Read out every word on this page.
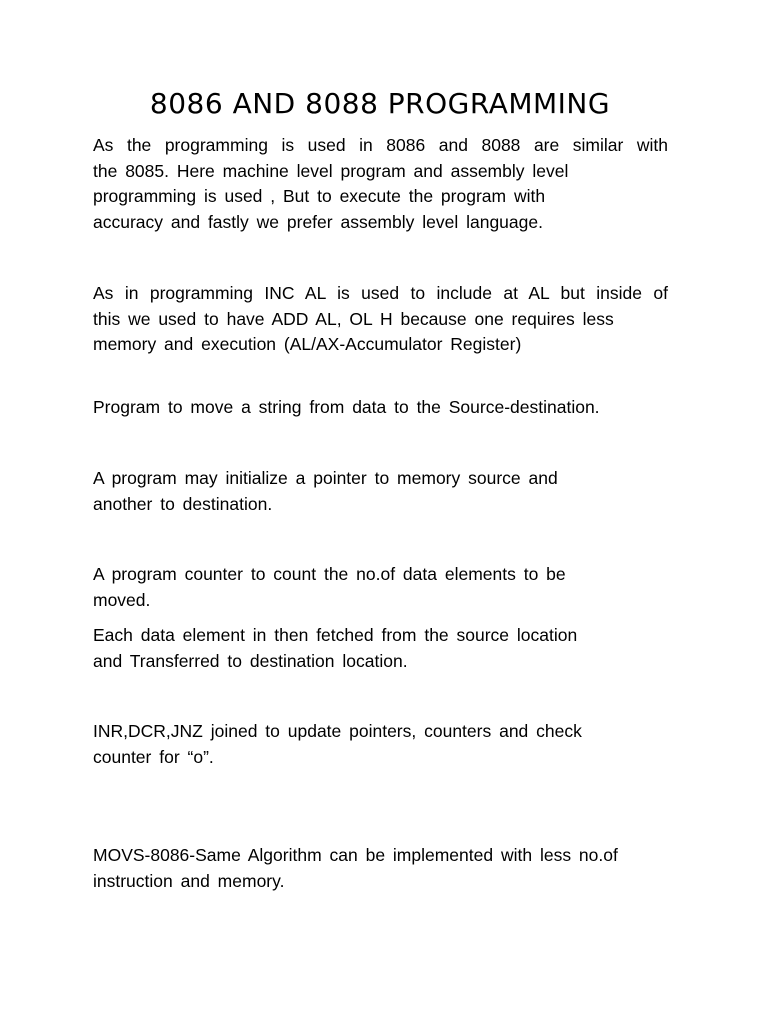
8086 AND 8088 PROGRAMMING

As the programming is used in 8086 and 8088 are similar with
the 8085. Here machine level program and assembly level
programming is used , But to execute the program with
accuracy and fastly we prefer assembly level language.

As in programming INC AL is used to include at AL but inside of
this we used to have ADD AL, OL H because one requires less
memory and execution (AL/AX-Accumulator Register)

Program to move a string from data to the Source-destination.

A program may initialize a pointer to memory source and
another to destination.

A program counter to count the no.of data elements to be
moved.

Each data element in then fetched from the source location
and Transferred to destination location.

INR,DCR,JNZ joined to update pointers, counters and check
counter for “o”.

MOVS-8086-Same Algorithm can be implemented with less no.of
instruction and memory.
